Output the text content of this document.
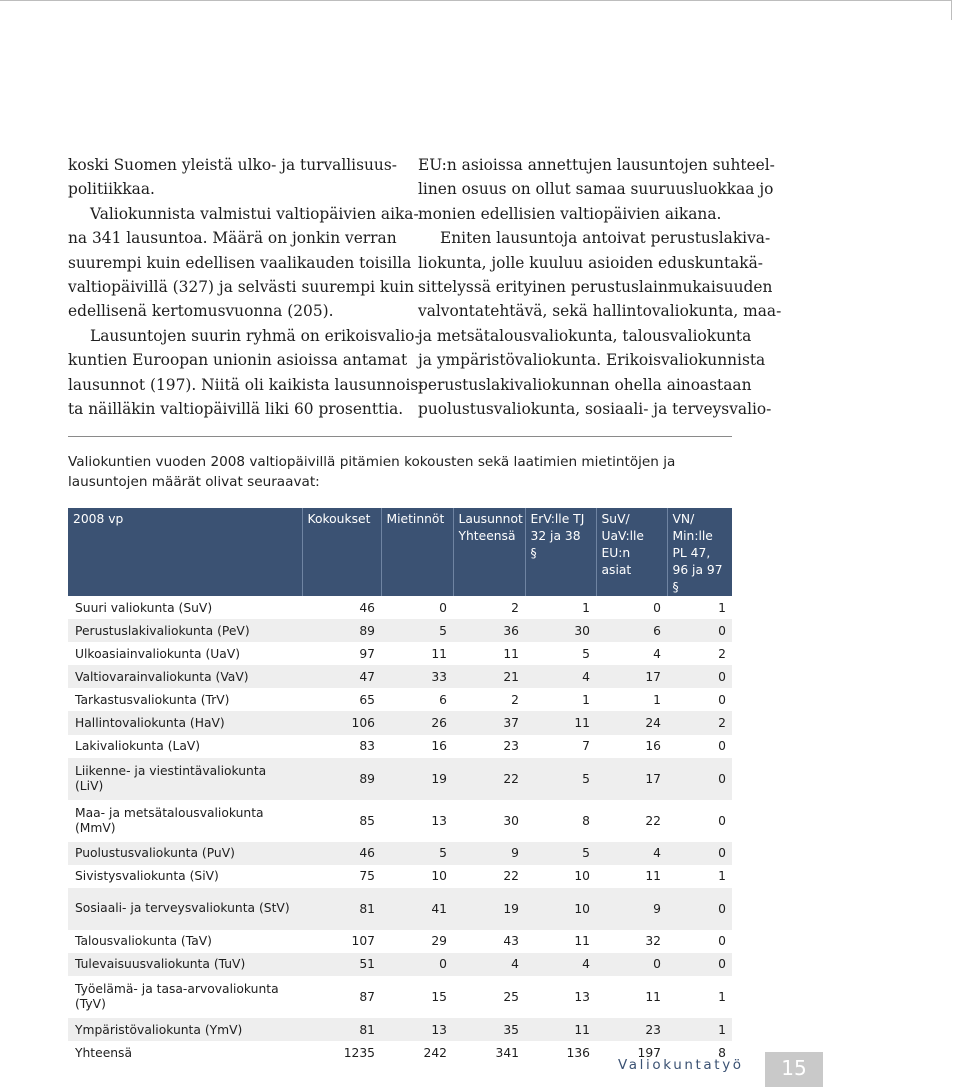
koski Suomen yleistä ulko- ja turvallisuus-
politiikkaa.

Valiokunnista valmistui valtiopäivien aika-
na 341 lausuntoa. Määrä on jonkin verran
suurempi kuin edellisen vaalikauden toisilla
valtiopäivillä (327) ja selvästi suurempi kuin
edellisenä kertomusvuonna (205).

Lausuntojen suurin ryhmä on erikoisvalio-
kuntien Euroopan unionin asioissa antamat
lausunnot (197). Niitä oli kaikista lausunnois-
ta näilläkin valtiopäivillä liki 60 prosenttia.

EU:n asioissa annettujen lausuntojen suhteel-
linen osuus on ollut samaa suuruusluokkaa jo
monien edellisien valtiopäivien aikana.

Eniten lausuntoja antoivat perustuslakiva-
liokunta, jolle kuuluu asioiden eduskuntakä-
sittelyssä erityinen perustuslainmukaisuuden
valvontatehtävä, sekä hallintovaliokunta, maa-
ja metsätalousvaliokunta, talousvaliokunta
ja ympäristövaliokunta. Erikoisvaliokunnista
perustuslakivaliokunnan ohella ainoastaan
puolustusvaliokunta, sosiaali- ja terveysvalio-

Valiokuntien vuoden 2008 valtiopäivillä pitämien kokousten sekä laatimien mietintöjen ja lausuntojen määrät olivat seuraavat:
2008 vp	Kokoukset	Mietinnöt	Lausunnot Yhteensä	ErV:lle TJ 32 ja 38 §	SuV/ UaV:lle EU:n asiat	VN/ Min:lle PL 47, 96 ja 97 §
Suuri valiokunta (SuV)	46	0	2	1	0	1
Perustuslakivaliokunta (PeV)	89	5	36	30	6	0
Ulkoasiainvaliokunta (UaV)	97	11	11	5	4	2
Valtiovarainvaliokunta (VaV)	47	33	21	4	17	0
Tarkastusvaliokunta (TrV)	65	6	2	1	1	0
Hallintovaliokunta (HaV)	106	26	37	11	24	2
Lakivaliokunta (LaV)	83	16	23	7	16	0
Liikenne- ja viestintävaliokunta (LiV)	89	19	22	5	17	0
Maa- ja metsätalousvaliokunta (MmV)	85	13	30	8	22	0
Puolustusvaliokunta (PuV)	46	5	9	5	4	0
Sivistysvaliokunta (SiV)	75	10	22	10	11	1
Sosiaali- ja terveysvaliokunta (StV)	81	41	19	10	9	0
Talousvaliokunta (TaV)	107	29	43	11	32	0
Tulevaisuusvaliokunta (TuV)	51	0	4	4	0	0
Työelämä- ja tasa-arvovaliokunta (TyV)	87	15	25	13	11	1
Ympäristövaliokunta (YmV)	81	13	35	11	23	1
Yhteensä	1235	242	341	136	197	8
Valiokuntatyö	15
